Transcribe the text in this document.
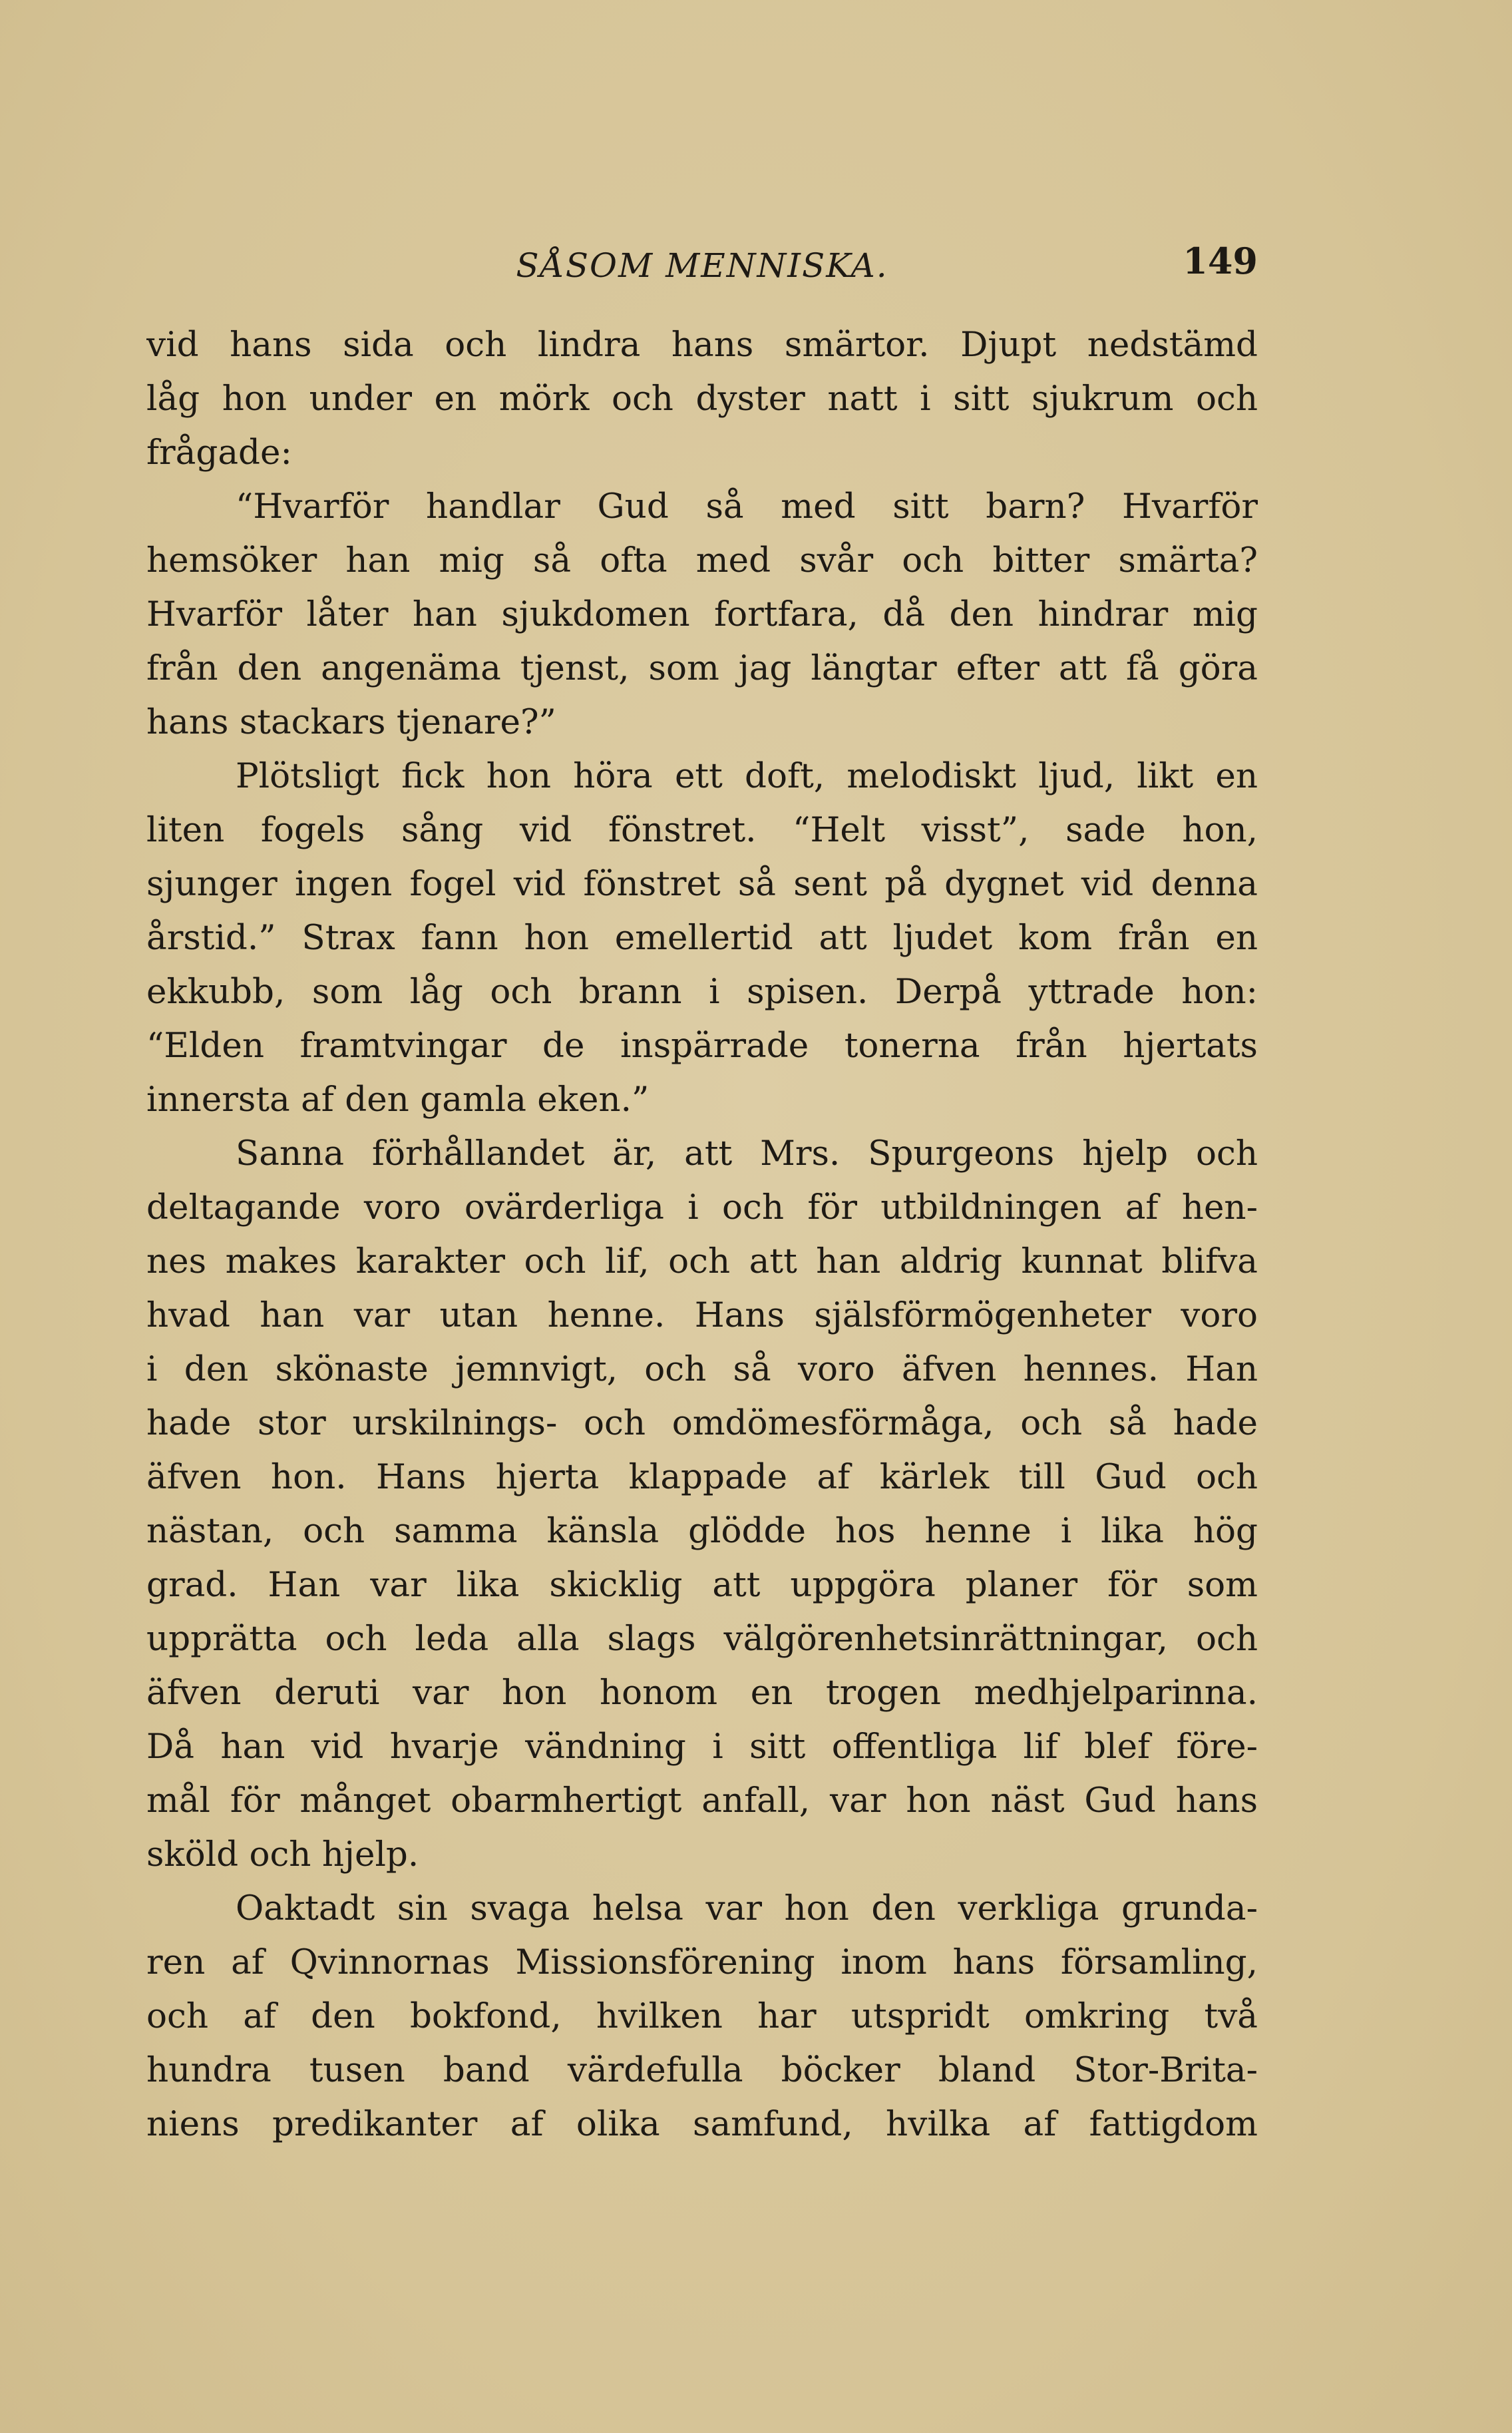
SÅSOM MENNISKA.	149
vid hans sida och lindra hans smärtor. Djupt nedstämd
låg hon under en mörk och dyster natt i sitt sjukrum och
frågade:
“Hvarför handlar Gud så med sitt barn? Hvarför
hemsöker han mig så ofta med svår och bitter smärta?
Hvarför låter han sjukdomen fortfara, då den hindrar mig
från den angenäma tjenst, som jag längtar efter att få göra
hans stackars tjenare?”
Plötsligt fick hon höra ett doft, melodiskt ljud, likt en
liten fogels sång vid fönstret. “Helt visst”, sade hon,
sjunger ingen fogel vid fönstret så sent på dygnet vid denna
årstid.” Strax fann hon emellertid att ljudet kom från en
ekkubb, som låg och brann i spisen. Derpå yttrade hon:
“Elden framtvingar de inspärrade tonerna från hjertats
innersta af den gamla eken.”
Sanna förhållandet är, att Mrs. Spurgeons hjelp och
deltagande voro ovärderliga i och för utbildningen af hen-
nes makes karakter och lif, och att han aldrig kunnat blifva
hvad han var utan henne. Hans själsförmögenheter voro
i den skönaste jemnvigt, och så voro äfven hennes. Han
hade stor urskilnings- och omdömesförmåga, och så hade
äfven hon. Hans hjerta klappade af kärlek till Gud och
nästan, och samma känsla glödde hos henne i lika hög
grad. Han var lika skicklig att uppgöra planer för som
upprätta och leda alla slags välgörenhetsinrättningar, och
äfven deruti var hon honom en trogen medhjelparinna.
Då han vid hvarje vändning i sitt offentliga lif blef före-
mål för månget obarmhertigt anfall, var hon näst Gud hans
sköld och hjelp.
Oaktadt sin svaga helsa var hon den verkliga grunda-
ren af Qvinnornas Missionsförening inom hans församling,
och af den bokfond, hvilken har utspridt omkring två
hundra tusen band värdefulla böcker bland Stor-Brita-
niens predikanter af olika samfund, hvilka af fattigdom
